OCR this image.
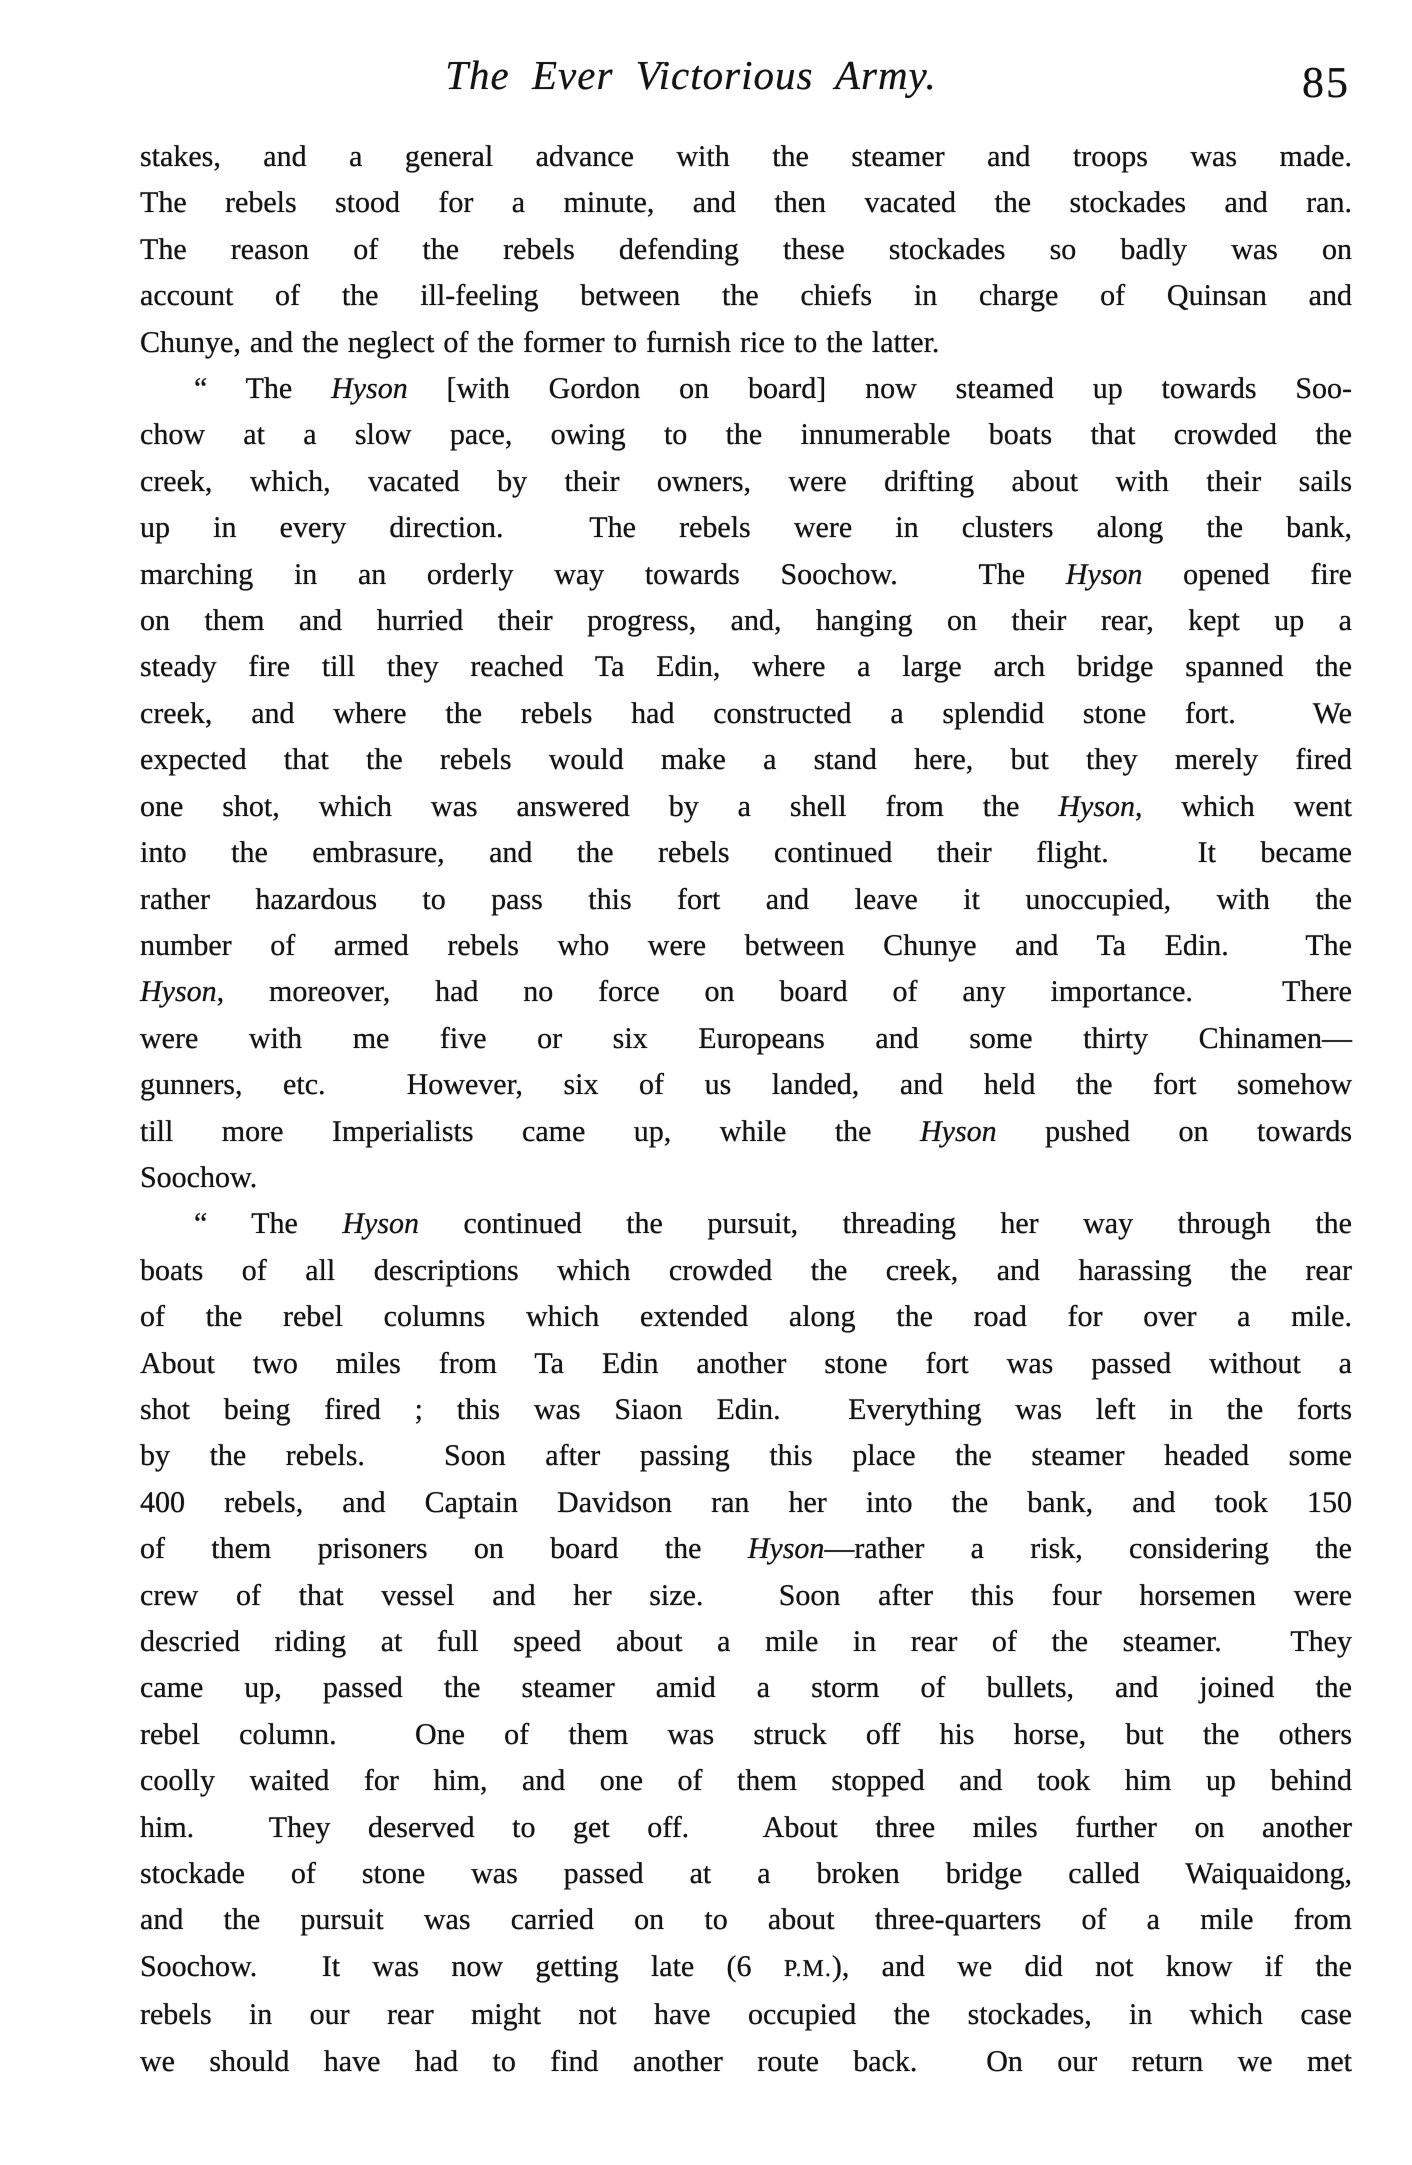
The Ever Victorious Army.	85
stakes, and a general advance with the steamer and troops was made.
The rebels stood for a minute, and then vacated the stockades and ran.
The reason of the rebels defending these stockades so badly was on
account of the ill-feeling between the chiefs in charge of Quinsan and
Chunye, and the neglect of the former to furnish rice to the latter.
“ The Hyson [with Gordon on board] now steamed up towards Soo-
chow at a slow pace, owing to the innumerable boats that crowded the
creek, which, vacated by their owners, were drifting about with their sails
up in every direction.  The rebels were in clusters along the bank,
marching in an orderly way towards Soochow.  The Hyson opened fire
on them and hurried their progress, and, hanging on their rear, kept up a
steady fire till they reached Ta Edin, where a large arch bridge spanned the
creek, and where the rebels had constructed a splendid stone fort.  We
expected that the rebels would make a stand here, but they merely fired
one shot, which was answered by a shell from the Hyson, which went
into the embrasure, and the rebels continued their flight.  It became
rather hazardous to pass this fort and leave it unoccupied, with the
number of armed rebels who were between Chunye and Ta Edin.  The
Hyson, moreover, had no force on board of any importance.  There
were with me five or six Europeans and some thirty Chinamen—
gunners, etc.  However, six of us landed, and held the fort somehow
till more Imperialists came up, while the Hyson pushed on towards
Soochow.
“ The Hyson continued the pursuit, threading her way through the
boats of all descriptions which crowded the creek, and harassing the rear
of the rebel columns which extended along the road for over a mile.
About two miles from Ta Edin another stone fort was passed without a
shot being fired ; this was Siaon Edin.  Everything was left in the forts
by the rebels.  Soon after passing this place the steamer headed some
400 rebels, and Captain Davidson ran her into the bank, and took 150
of them prisoners on board the Hyson—rather a risk, considering the
crew of that vessel and her size.  Soon after this four horsemen were
descried riding at full speed about a mile in rear of the steamer.  They
came up, passed the steamer amid a storm of bullets, and joined the
rebel column.  One of them was struck off his horse, but the others
coolly waited for him, and one of them stopped and took him up behind
him.  They deserved to get off.  About three miles further on another
stockade of stone was passed at a broken bridge called Waiquaidong,
and the pursuit was carried on to about three-quarters of a mile from
Soochow.  It was now getting late (6 P.M.), and we did not know if the
rebels in our rear might not have occupied the stockades, in which case
we should have had to find another route back.  On our return we met
